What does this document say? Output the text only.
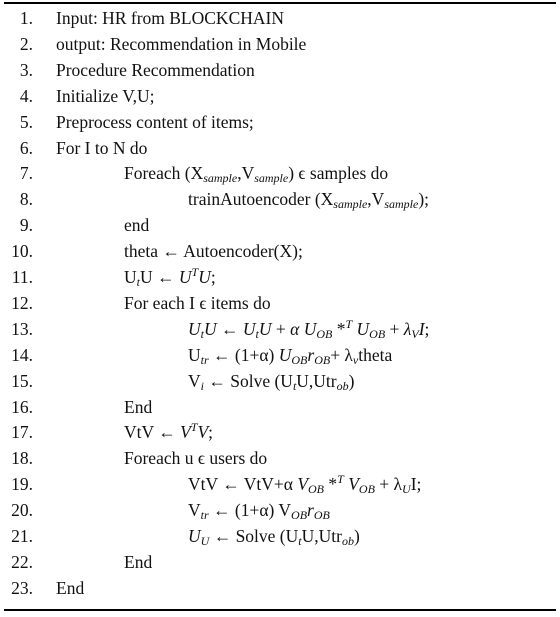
1. Input: HR from BLOCKCHAIN
2. output: Recommendation in Mobile
3. Procedure Recommendation
4. Initialize V,U;
5. Preprocess content of items;
6. For I to N do
7.	Foreach $(X_{sample},V_{sample})$ ϵ samples do
8.	trainAutoencoder $(X_{sample},V_{sample})$;
9.	end
10.	theta ← Autoencoder(X);
11.	$U_tU$ ← $U^TU$;
12.	For each I ϵ items do
13.	$U_tU$ ← $U_tU + \alpha$ $U_{OB}$ *$^T$ $U_{OB} + \lambda_VI$;
14.	$U_{tr}$ ← (1+α) $U_{OB}r_{OB}+$ $\lambda_vtheta$
15.	$V_i$ ← Solve $(U_tU,Utr_{ob})$
16.	End
17.	VtV ← $V^TV$;
18.	Foreach u ϵ users do
19.	VtV ← VtV+α $V_{OB}$ *$^T$ $V_{OB} + \lambda_UI$;
20.	$V_{tr}$ ← (1+α) $V_{OB}r_{OB}$
21.	$U_U$ ← Solve $(U_tU,Utr_{ob})$
22.	End
23. End
